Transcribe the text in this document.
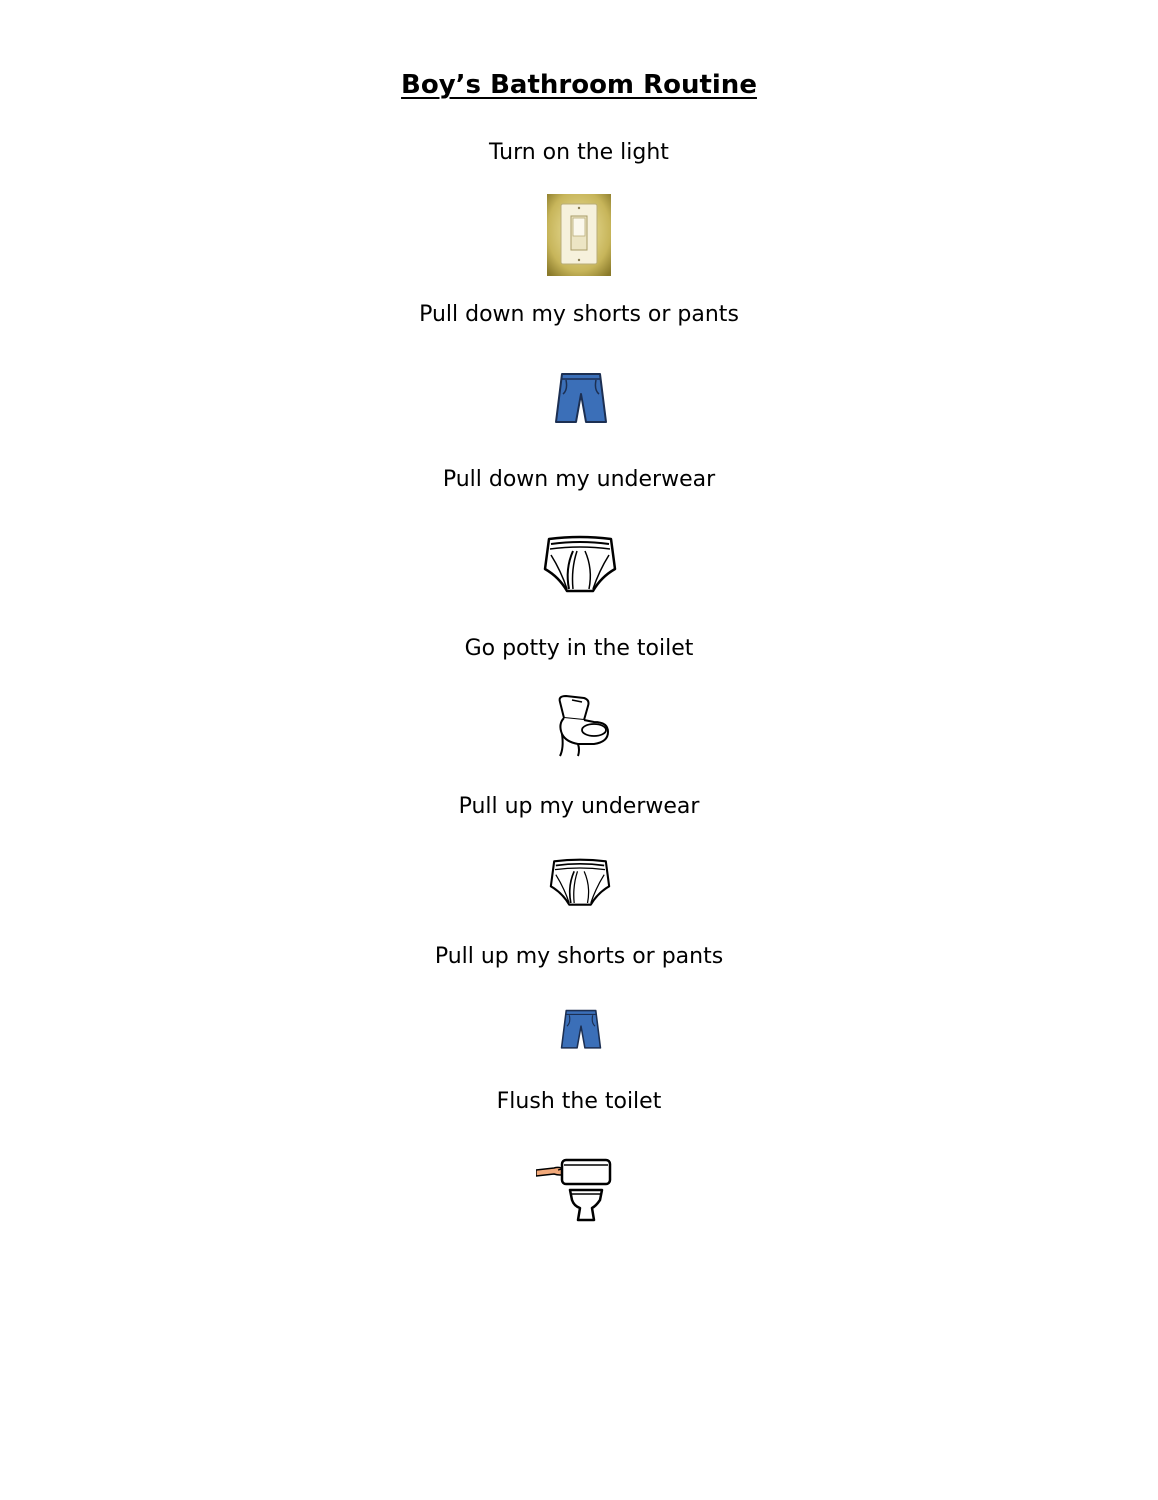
Boy’s Bathroom Routine
Turn on the light
Pull down my shorts or pants
Pull down my underwear
Go potty in the toilet
Pull up my underwear
Pull up my shorts or pants
Flush the toilet
